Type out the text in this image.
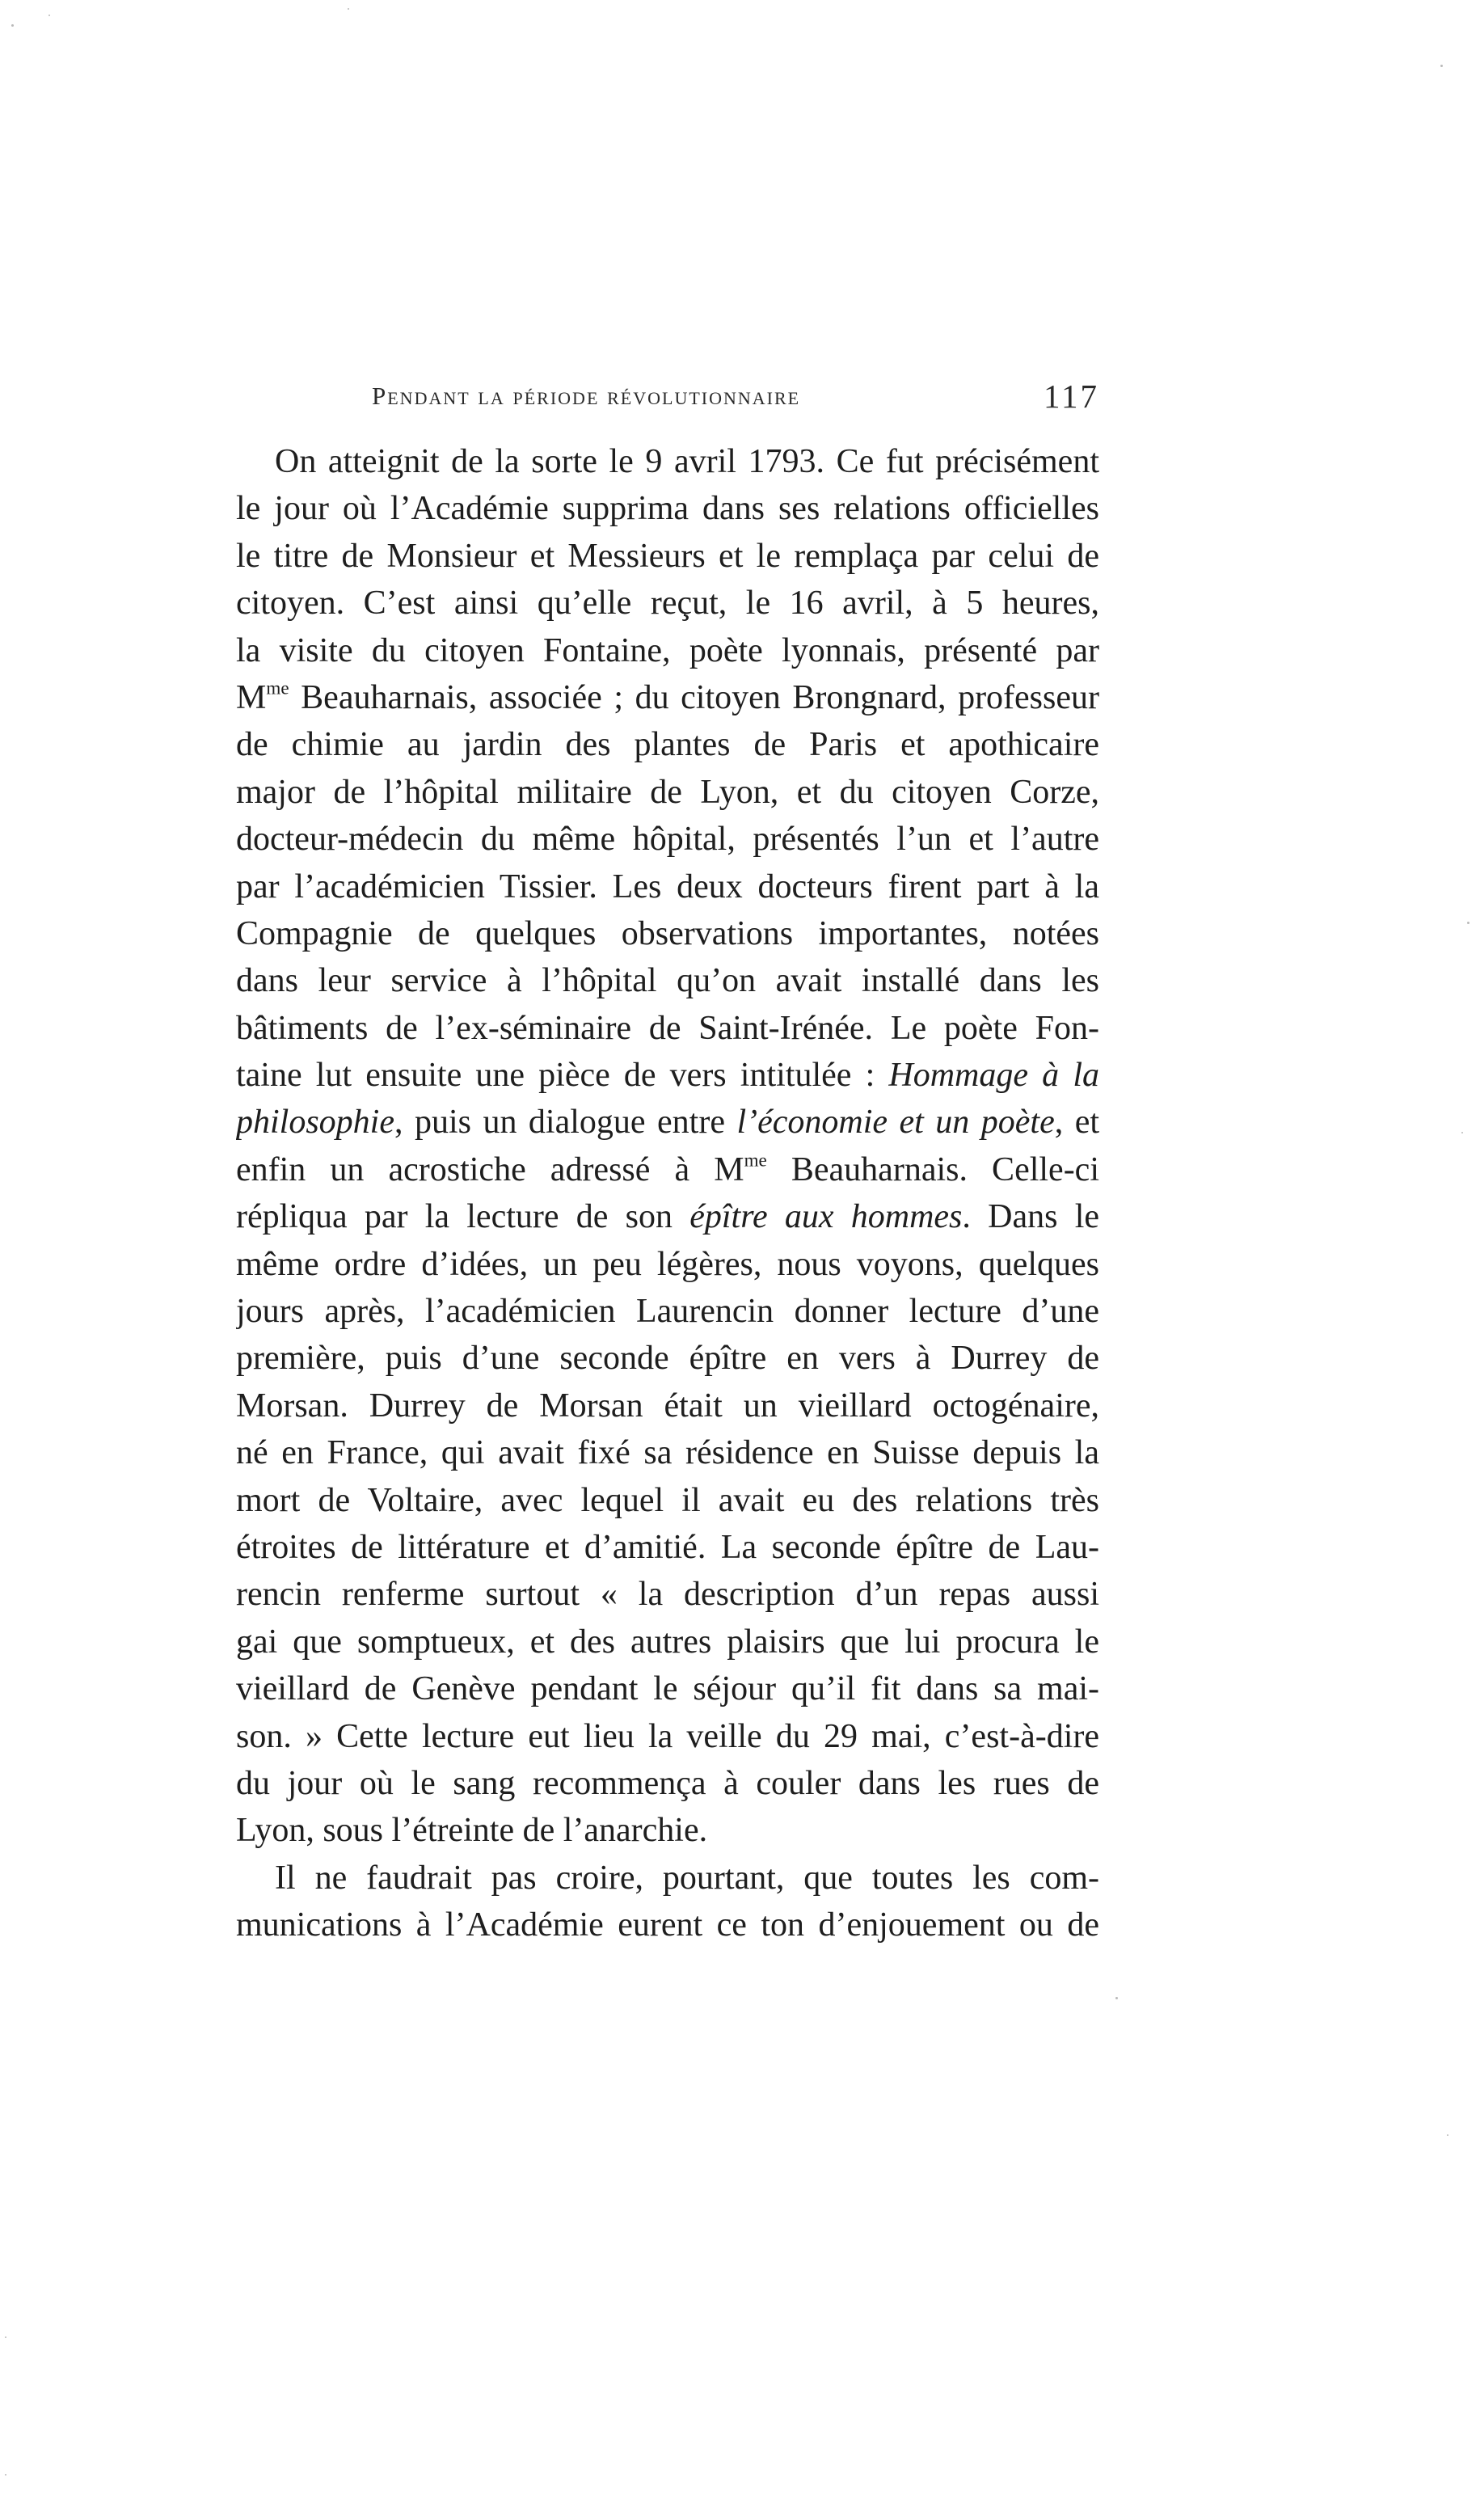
Pendant la période révolutionnaire	117
On atteignit de la sorte le 9 avril 1793. Ce fut précisément
le jour où l’Académie supprima dans ses relations officielles
le titre de Monsieur et Messieurs et le remplaça par celui de
citoyen. C’est ainsi qu’elle reçut, le 16 avril, à 5 heures,
la visite du citoyen Fontaine, poète lyonnais, présenté par
$M^{me}$ Beauharnais, associée ; du citoyen Brongnard, professeur
de chimie au jardin des plantes de Paris et apothicaire
major de l’hôpital militaire de Lyon, et du citoyen Corze,
docteur-médecin du même hôpital, présentés l’un et l’autre
par l’académicien Tissier. Les deux docteurs firent part à la
Compagnie de quelques observations importantes, notées
dans leur service à l’hôpital qu’on avait installé dans les
bâtiments de l’ex-séminaire de Saint-Irénée. Le poète Fon-
taine lut ensuite une pièce de vers intitulée : Hommage à la
philosophie, puis un dialogue entre l’économie et un poète, et
enfin un acrostiche adressé à $M^{me}$ Beauharnais. Celle-ci
répliqua par la lecture de son épître aux hommes. Dans le
même ordre d’idées, un peu légères, nous voyons, quelques
jours après, l’académicien Laurencin donner lecture d’une
première, puis d’une seconde épître en vers à Durrey de
Morsan. Durrey de Morsan était un vieillard octogénaire,
né en France, qui avait fixé sa résidence en Suisse depuis la
mort de Voltaire, avec lequel il avait eu des relations très
étroites de littérature et d’amitié. La seconde épître de Lau-
rencin renferme surtout « la description d’un repas aussi
gai que somptueux, et des autres plaisirs que lui procura le
vieillard de Genève pendant le séjour qu’il fit dans sa mai-
son. » Cette lecture eut lieu la veille du 29 mai, c’est-à-dire
du jour où le sang recommença à couler dans les rues de
Lyon, sous l’étreinte de l’anarchie.
Il ne faudrait pas croire, pourtant, que toutes les com-
munications à l’Académie eurent ce ton d’enjouement ou de
